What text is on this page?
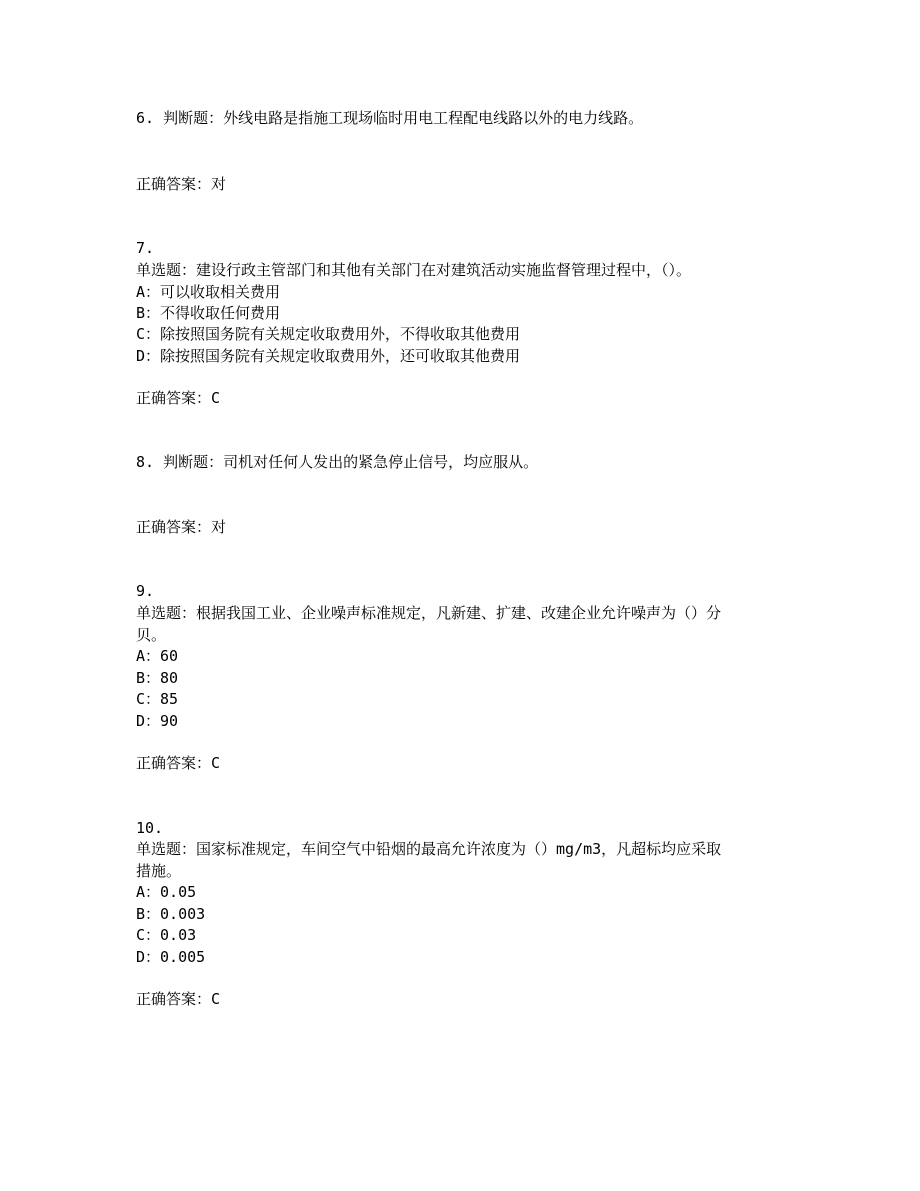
6. 判断题：外线电路是指施工现场临时用电工程配电线路以外的电力线路。
正确答案：对
7.
单选题：建设行政主管部门和其他有关部门在对建筑活动实施监督管理过程中，（）。
A：可以收取相关费用
B：不得收取任何费用
C：除按照国务院有关规定收取费用外，不得收取其他费用
D：除按照国务院有关规定收取费用外，还可收取其他费用
正确答案：C
8. 判断题：司机对任何人发出的紧急停止信号，均应服从。
正确答案：对
9.
单选题：根据我国工业、企业噪声标准规定，凡新建、扩建、改建企业允许噪声为（）分
贝。
A：60
B：80
C：85
D：90
正确答案：C
10.
单选题：国家标准规定，车间空气中铅烟的最高允许浓度为（）mg/m3，凡超标均应采取
措施。
A：0.05
B：0.003
C：0.03
D：0.005
正确答案：C
